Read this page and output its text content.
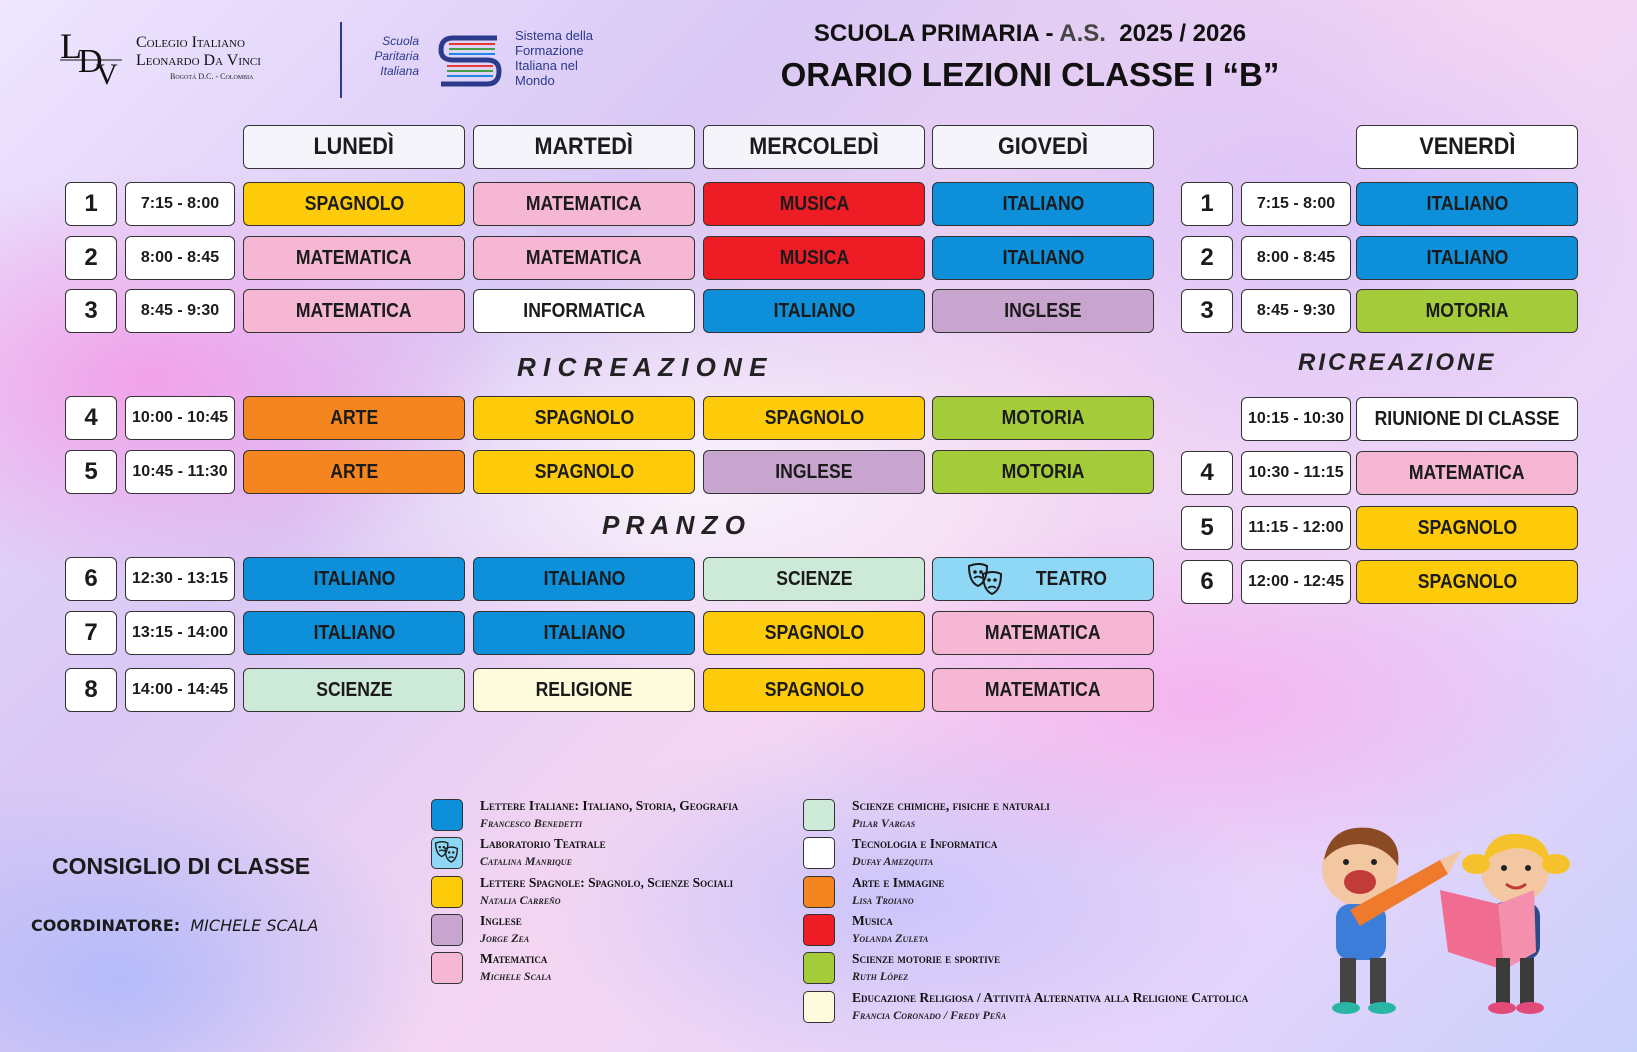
L
D
V
Colegio Italiano
Leonardo Da Vinci
Bogotá D.C. - Colombia
Scuola
Paritaria
Italiana
Sistema della
Formazione
Italiana nel
Mondo
SCUOLA PRIMARIA - A.S. 2025 / 2026
ORARIO LEZIONI CLASSE I “B”
LUNEDÌ	MARTEDÌ	MERCOLEDÌ	GIOVEDÌ
1	7:15 - 8:00	SPAGNOLO	MATEMATICA	MUSICA	ITALIANO
2	8:00 - 8:45	MATEMATICA	MATEMATICA	MUSICA	ITALIANO
3	8:45 - 9:30	MATEMATICA	INFORMATICA	ITALIANO	INGLESE
4	10:00 - 10:45	ARTE	SPAGNOLO	SPAGNOLO	MOTORIA
5	10:45 - 11:30	ARTE	SPAGNOLO	INGLESE	MOTORIA
6	12:30 - 13:15	ITALIANO	ITALIANO	SCIENZE	TEATRO
7	13:15 - 14:00	ITALIANO	ITALIANO	SPAGNOLO	MATEMATICA
8	14:00 - 14:45	SCIENZE	RELIGIONE	SPAGNOLO	MATEMATICA
VENERDÌ
1	7:15 - 8:00	ITALIANO
2	8:00 - 8:45	ITALIANO
3	8:45 - 9:30	MOTORIA
10:15 - 10:30	RIUNIONE DI CLASSE
4	10:30 - 11:15	MATEMATICA
5	11:15 - 12:00	SPAGNOLO
6	12:00 - 12:45	SPAGNOLO
R I C R E A Z I O N E
P R A N Z O
RICREAZIONE
CONSIGLIO DI CLASSE
COORDINATORE: MICHELE SCALA
Lettere Italiane: Italiano, Storia, Geografia
Francesco Benedetti
Laboratorio Teatrale
Catalina Manrique
Lettere Spagnole: Spagnolo, Scienze Sociali
Natalia Carreño
Inglese
Jorge Zea
Matematica
Michele Scala
Scienze chimiche, fisiche e naturali
Pilar Vargas
Tecnologia e Informatica
Dufay Amezquita
Arte e Immagine
Lisa Troiano
Musica
Yolanda Zuleta
Scienze motorie e sportive
Ruth López
Educazione Religiosa / Attività Alternativa alla Religione Cattolica
Francia Coronado / Fredy Peña
